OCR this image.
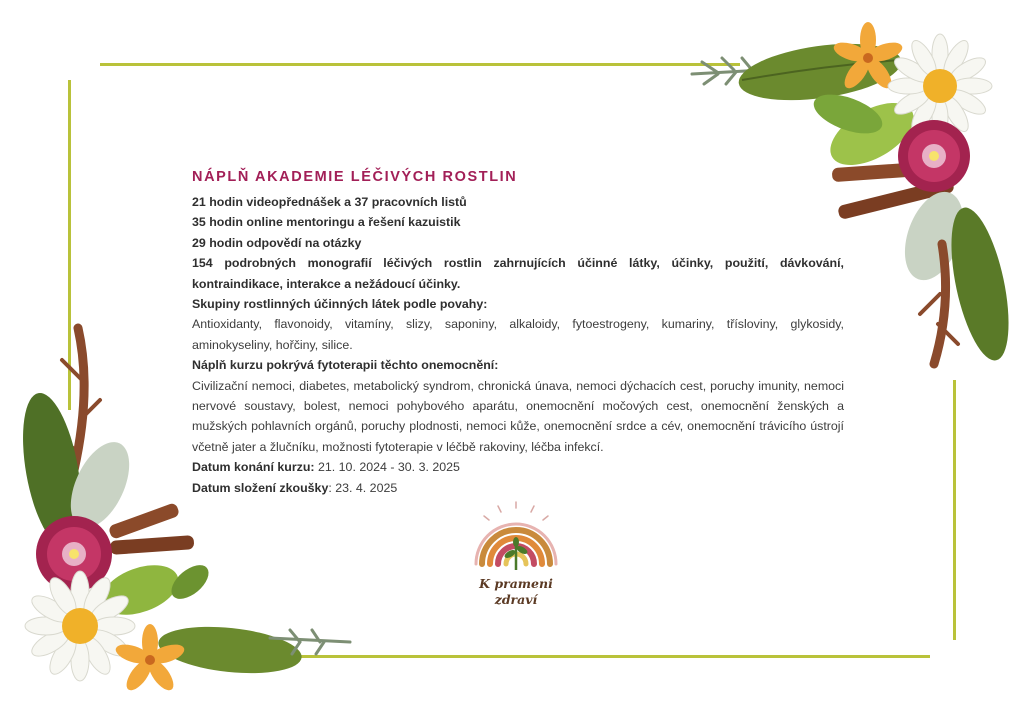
NÁPLŇ AKADEMIE LÉČIVÝCH ROSTLIN

21 hodin videopřednášek a 37 pracovních listů

35 hodin online mentoringu a řešení kazuistik

29 hodin odpovědí na otázky

154 podrobných monografií léčivých rostlin zahrnujících účinné látky, účinky, použití, dávkování, kontraindikace, interakce a nežádoucí účinky.

Skupiny rostlinných účinných látek podle povahy:

Antioxidanty, flavonoidy, vitamíny, slizy, saponiny, alkaloidy, fytoestrogeny, kumariny, třísloviny, glykosidy, aminokyseliny, hořčiny, silice.

Náplň kurzu pokrývá fytoterapii těchto onemocnění:

Civilizační nemoci, diabetes, metabolický syndrom, chronická únava, nemoci dýchacích cest, poruchy imunity, nemoci nervové soustavy, bolest, nemoci pohybového aparátu, onemocnění močových cest, onemocnění ženských a mužských pohlavních orgánů, poruchy plodnosti, nemoci kůže, onemocnění srdce a cév, onemocnění trávicího ústrojí včetně jater a žlučníku, možnosti fytoterapie v léčbě rakoviny, léčba infekcí.

Datum konání kurzu: 21. 10. 2024 - 30. 3. 2025

Datum složení zkoušky: 23. 4. 2025

K prameni
zdraví
